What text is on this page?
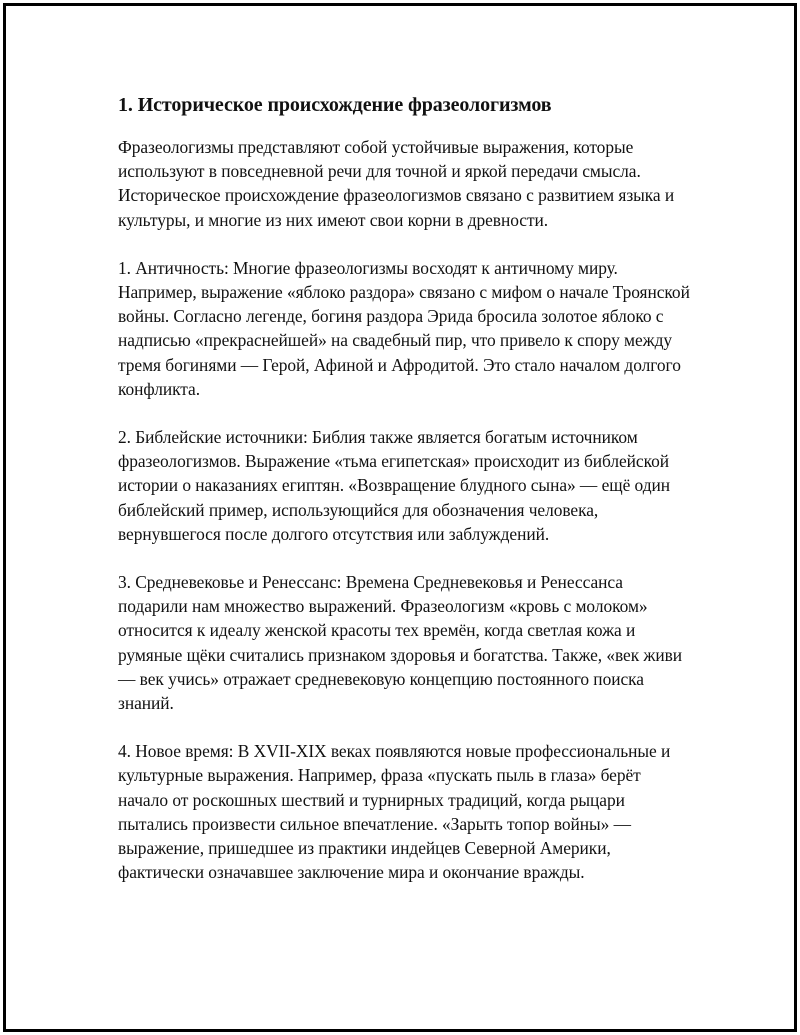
1. Историческое происхождение фразеологизмов

Фразеологизмы представляют собой устойчивые выражения, которые используют в повседневной речи для точной и яркой передачи смысла. Историческое происхождение фразеологизмов связано с развитием языка и культуры, и многие из них имеют свои корни в древности.

1. Античность: Многие фразеологизмы восходят к античному миру. Например, выражение «яблоко раздора» связано с мифом о начале Троянской войны. Согласно легенде, богиня раздора Эрида бросила золотое яблоко с надписью «прекраснейшей» на свадебный пир, что привело к спору между тремя богинями — Герой, Афиной и Афродитой. Это стало началом долгого конфликта.

2. Библейские источники: Библия также является богатым источником фразеологизмов. Выражение «тьма египетская» происходит из библейской истории о наказаниях египтян. «Возвращение блудного сына» — ещё один библейский пример, использующийся для обозначения человека, вернувшегося после долгого отсутствия или заблуждений.

3. Средневековье и Ренессанс: Времена Средневековья и Ренессанса подарили нам множество выражений. Фразеологизм «кровь с молоком» относится к идеалу женской красоты тех времён, когда светлая кожа и румяные щёки считались признаком здоровья и богатства. Также, «век живи — век учись» отражает средневековую концепцию постоянного поиска знаний.

4. Новое время: В XVII-XIX веках появляются новые профессиональные и культурные выражения. Например, фраза «пускать пыль в глаза» берёт начало от роскошных шествий и турнирных традиций, когда рыцари пытались произвести сильное впечатление. «Зарыть топор войны» — выражение, пришедшее из практики индейцев Северной Америки, фактически означавшее заключение мира и окончание вражды.
